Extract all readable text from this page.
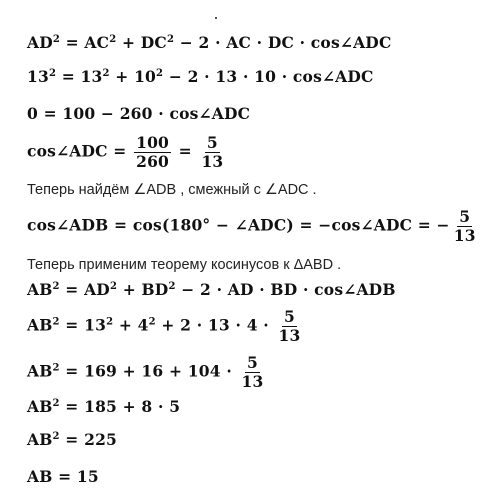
$AD^2 = AC^2 + DC^2 - 2$ · AC · DC · cos∠ADC
$13^2 = 13^2 + 10^2 - 2 \cdot 13 \cdot 10$ · cos∠ADC
0 = 100 − 260 · cos∠ADC
cos∠ADC = $\frac{100}{260} = \frac{5}{13}$
Теперь найдём ∠ADB , смежный с ∠ADC .
cos∠ADB = cos(180° − ∠ADC) = −cos∠ADC = − $\frac{5}{13}$
Теперь применим теорему косинусов к ΔABD .
$AB^2 = AD^2 + BD^2 - 2$ · AD · BD · cos∠ADB
$AB^2 = 13^2 + 4^2 + 2 \cdot 13 \cdot 4 \cdot \frac{5}{13}$
$AB^2 = 169 + 16 + 104 \cdot \frac{5}{13}$
$AB^2 = 185 + 8 \cdot 5$
$AB^2 = 225$
AB = 15
